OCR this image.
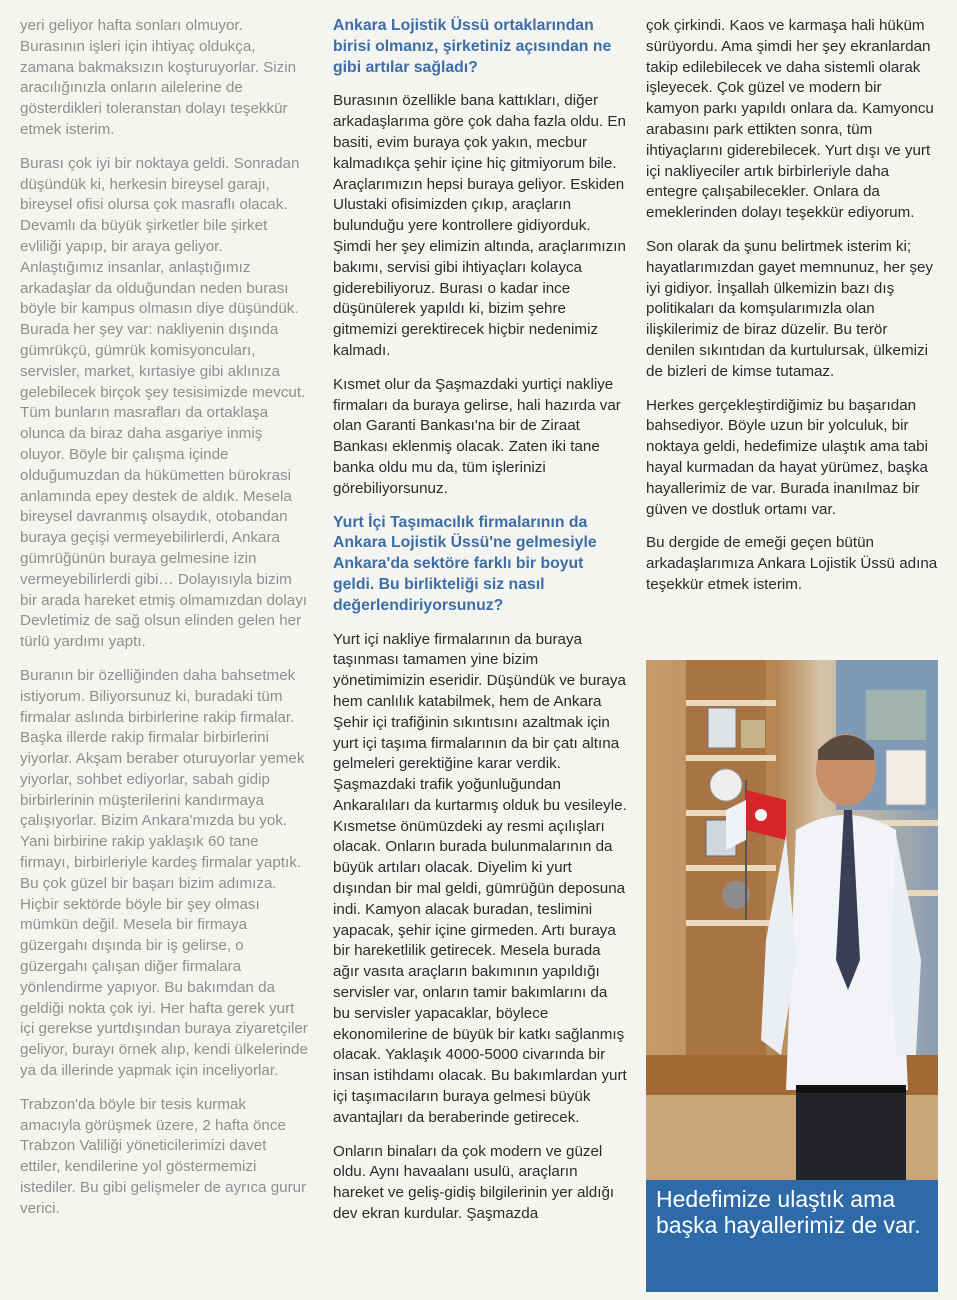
yeri geliyor hafta sonları olmuyor. Burasının işleri için ihtiyaç oldukça, zamana bakmaksızın koşturuyorlar. Sizin aracılığınızla onların ailelerine de gösterdikleri toleranstan dolayı teşekkür etmek isterim.

Burası çok iyi bir noktaya geldi. Sonradan düşündük ki, herkesin bireysel garajı, bireysel ofisi olursa çok masraflı olacak. Devamlı da büyük şirketler bile şirket evliliği yapıp, bir araya geliyor. Anlaştığımız insanlar, anlaştığımız arkadaşlar da olduğundan neden burası böyle bir kampus olmasın diye düşündük. Burada her şey var: nakliyenin dışında gümrükçü, gümrük komisyoncuları, servisler, market, kırtasiye gibi aklınıza gelebilecek birçok şey tesisimizde mevcut. Tüm bunların masrafları da ortaklaşa olunca da biraz daha asgariye inmiş oluyor. Böyle bir çalışma içinde olduğumuzdan da hükümetten bürokrasi anlamında epey destek de aldık. Mesela bireysel davranmış olsaydık, otobandan buraya geçişi vermeyebilirlerdi, Ankara gümrüğünün buraya gelmesine izin vermeyebilirlerdi gibi… Dolayısıyla bizim bir arada hareket etmiş olmamızdan dolayı Devletimiz de sağ olsun elinden gelen her türlü yardımı yaptı.

Buranın bir özelliğinden daha bahsetmek istiyorum. Biliyorsunuz ki, buradaki tüm firmalar aslında birbirlerine rakip firmalar. Başka illerde rakip firmalar birbirlerini yiyorlar. Akşam beraber oturuyorlar yemek yiyorlar, sohbet ediyorlar, sabah gidip birbirlerinin müşterilerini kandırmaya çalışıyorlar. Bizim Ankara'mızda bu yok. Yani birbirine rakip yaklaşık 60 tane firmayı, birbirleriyle kardeş firmalar yaptık. Bu çok güzel bir başarı bizim adımıza. Hiçbir sektörde böyle bir şey olması mümkün değil. Mesela bir firmaya güzergahı dışında bir iş gelirse, o güzergahı çalışan diğer firmalara yönlendirme yapıyor. Bu bakımdan da geldiği nokta çok iyi. Her hafta gerek yurt içi gerekse yurtdışından buraya ziyaretçiler geliyor, burayı örnek alıp, kendi ülkelerinde ya da illerinde yapmak için inceliyorlar.

Trabzon'da böyle bir tesis kurmak amacıyla görüşmek üzere, 2 hafta önce Trabzon Valiliği yöneticilerimizi davet ettiler, kendilerine yol göstermemizi istediler. Bu gibi gelişmeler de ayrıca gurur verici.

Ankara Lojistik Üssü ortaklarından birisi olmanız, şirketiniz açısından ne gibi artılar sağladı?

Burasının özellikle bana kattıkları, diğer arkadaşlarıma göre çok daha fazla oldu. En basiti, evim buraya çok yakın, mecbur kalmadıkça şehir içine hiç gitmiyorum bile. Araçlarımızın hepsi buraya geliyor. Eskiden Ulustaki ofisimizden çıkıp, araçların bulunduğu yere kontrollere gidiyorduk. Şimdi her şey elimizin altında, araçlarımızın bakımı, servisi gibi ihtiyaçları kolayca giderebiliyoruz. Burası o kadar ince düşünülerek yapıldı ki, bizim şehre gitmemizi gerektirecek hiçbir nedenimiz kalmadı.

Kısmet olur da Şaşmazdaki yurtiçi nakliye firmaları da buraya gelirse, hali hazırda var olan Garanti Bankası'na bir de Ziraat Bankası eklenmiş olacak. Zaten iki tane banka oldu mu da, tüm işlerinizi görebiliyorsunuz.

Yurt İçi Taşımacılık firmalarının da Ankara Lojistik Üssü'ne gelmesiyle Ankara'da sektöre farklı bir boyut geldi. Bu birlikteliği siz nasıl değerlendiriyorsunuz?

Yurt içi nakliye firmalarının da buraya taşınması tamamen yine bizim yönetimimizin eseridir. Düşündük ve buraya hem canlılık katabilmek, hem de Ankara Şehir içi trafiğinin sıkıntısını azaltmak için yurt içi taşıma firmalarının da bir çatı altına gelmeleri gerektiğine karar verdik. Şaşmazdaki trafik yoğunluğundan Ankaralıları da kurtarmış olduk bu vesileyle. Kısmetse önümüzdeki ay resmi açılışları olacak. Onların burada bulunmalarının da büyük artıları olacak. Diyelim ki yurt dışından bir mal geldi, gümrüğün deposuna indi. Kamyon alacak buradan, teslimini yapacak, şehir içine girmeden. Artı buraya bir hareketlilik getirecek. Mesela burada ağır vasıta araçların bakımının yapıldığı servisler var, onların tamir bakımlarını da bu servisler yapacaklar, böylece ekonomilerine de büyük bir katkı sağlanmış olacak. Yaklaşık 4000-5000 civarında bir insan istihdamı olacak. Bu bakımlardan yurt içi taşımacıların buraya gelmesi büyük avantajları da beraberinde getirecek.

Onların binaları da çok modern ve güzel oldu. Aynı havaalanı usulü, araçların hareket ve geliş-gidiş bilgilerinin yer aldığı dev ekran kurdular. Şaşmazda

çok çirkindi. Kaos ve karmaşa hali hüküm sürüyordu. Ama şimdi her şey ekranlardan takip edilebilecek ve daha sistemli olarak işleyecek. Çok güzel ve modern bir kamyon parkı yapıldı onlara da. Kamyoncu arabasını park ettikten sonra, tüm ihtiyaçlarını giderebilecek. Yurt dışı ve yurt içi nakliyeciler artık birbirleriyle daha entegre çalışabilecekler. Onlara da emeklerinden dolayı teşekkür ediyorum.

Son olarak da şunu belirtmek isterim ki; hayatlarımızdan gayet memnunuz, her şey iyi gidiyor. İnşallah ülkemizin bazı dış politikaları da komşularımızla olan ilişkilerimiz de biraz düzelir. Bu terör denilen sıkıntıdan da kurtulursak, ülkemizi de bizleri de kimse tutamaz.

Herkes gerçekleştirdiğimiz bu başarıdan bahsediyor. Böyle uzun bir yolculuk, bir noktaya geldi, hedefimize ulaştık ama tabi hayal kurmadan da hayat yürümez, başka hayallerimiz de var. Burada inanılmaz bir güven ve dostluk ortamı var.

Bu dergide de emeği geçen bütün arkadaşlarımıza Ankara Lojistik Üssü adına teşekkür etmek isterim.

Hedefimize ulaştık ama başka hayallerimiz de var.
